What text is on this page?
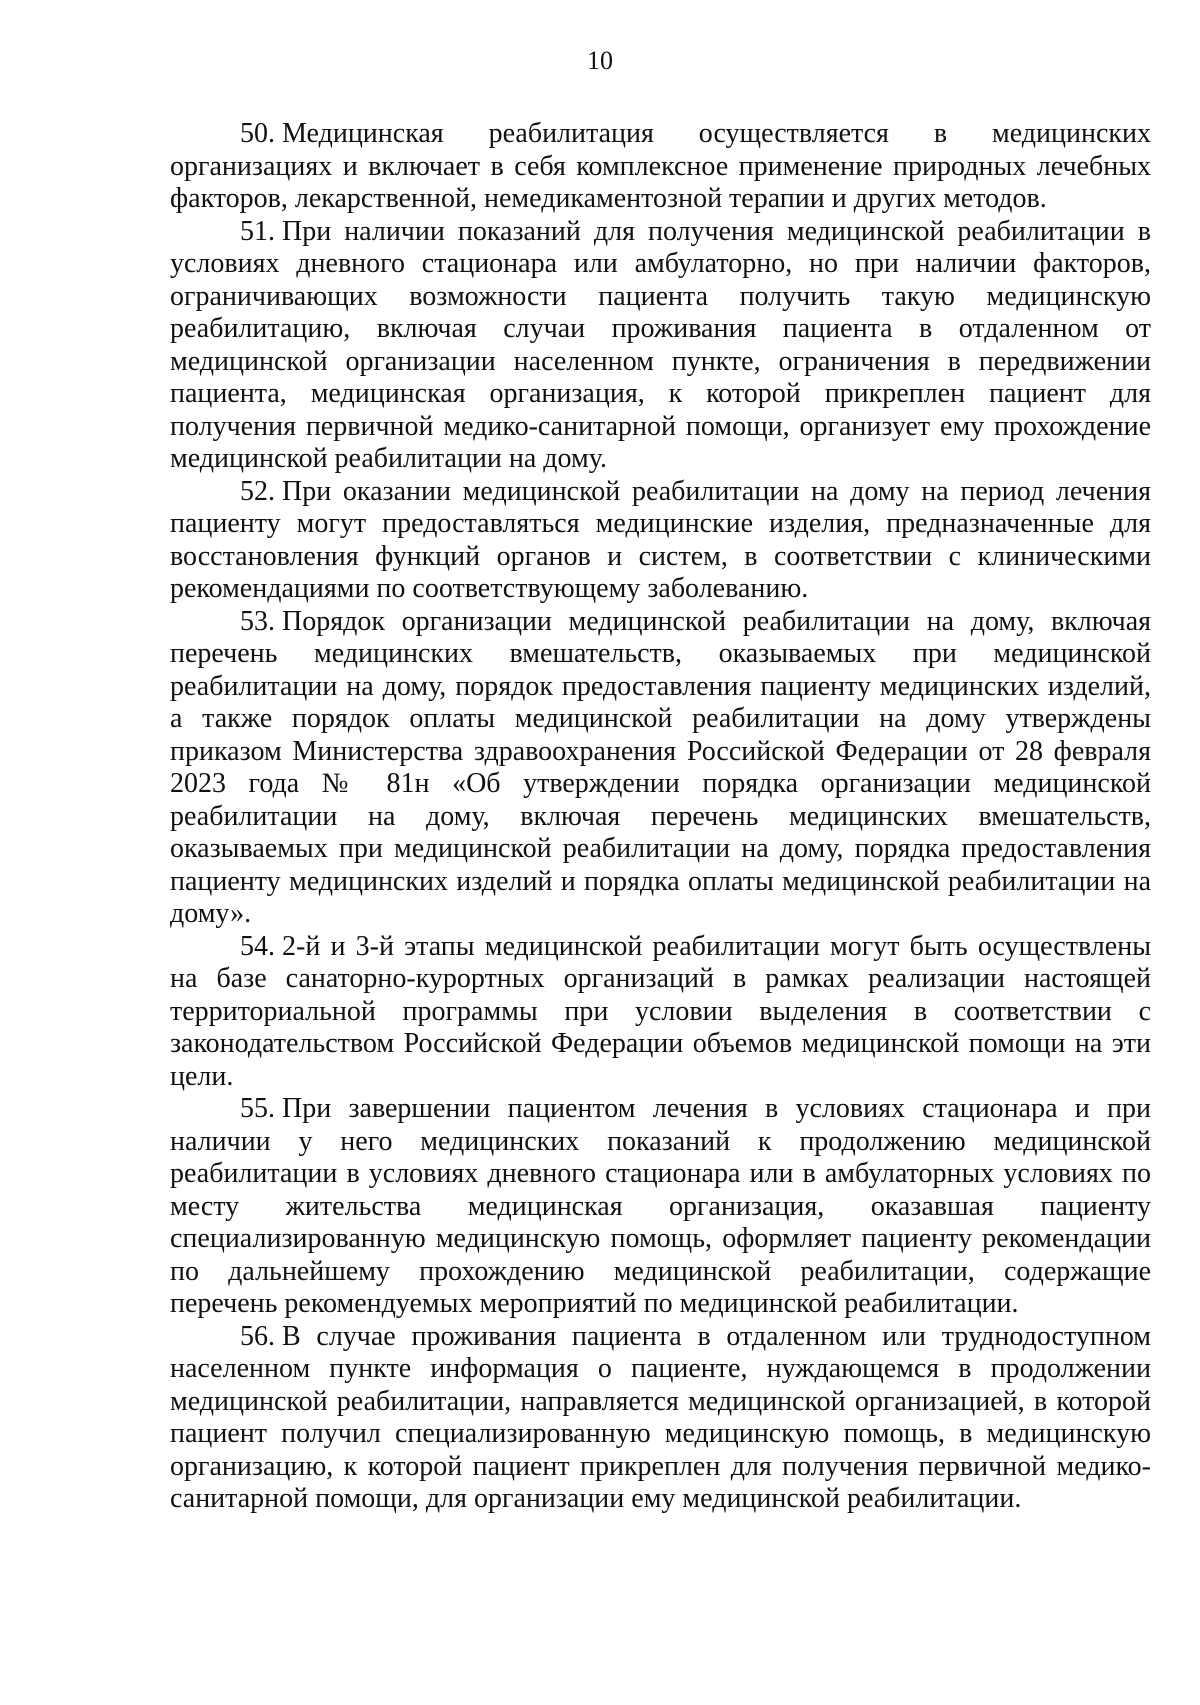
10

50. Медицинская реабилитация осуществляется в медицинских организациях и включает в себя комплексное применение природных лечебных факторов, лекарственной, немедикаментозной терапии и других методов.

51. При наличии показаний для получения медицинской реабилитации в условиях дневного стационара или амбулаторно, но при наличии факторов, ограничивающих возможности пациента получить такую медицинскую реабилитацию, включая случаи проживания пациента в отдаленном от медицинской организации населенном пункте, ограничения в передвижении пациента, медицинская организация, к которой прикреплен пациент для получения первичной медико-санитарной помощи, организует ему прохождение медицинской реабилитации на дому.

52. При оказании медицинской реабилитации на дому на период лечения пациенту могут предоставляться медицинские изделия, предназначенные для восстановления функций органов и систем, в соответствии с клиническими рекомендациями по соответствующему заболеванию.

53. Порядок организации медицинской реабилитации на дому, включая перечень медицинских вмешательств, оказываемых при медицинской реабилитации на дому, порядок предоставления пациенту медицинских изделий, а также порядок оплаты медицинской реабилитации на дому утверждены приказом Министерства здравоохранения Российской Федерации от 28 февраля 2023 года № 81н «Об утверждении порядка организации медицинской реабилитации на дому, включая перечень медицинских вмешательств, оказываемых при медицинской реабилитации на дому, порядка предоставления пациенту медицинских изделий и порядка оплаты медицинской реабилитации на дому».

54. 2-й и 3-й этапы медицинской реабилитации могут быть осуществлены на базе санаторно-курортных организаций в рамках реализации настоящей территориальной программы при условии выделения в соответствии с законодательством Российской Федерации объемов медицинской помощи на эти цели.

55. При завершении пациентом лечения в условиях стационара и при наличии у него медицинских показаний к продолжению медицинской реабилитации в условиях дневного стационара или в амбулаторных условиях по месту жительства медицинская организация, оказавшая пациенту специализированную медицинскую помощь, оформляет пациенту рекомендации по дальнейшему прохождению медицинской реабилитации, содержащие перечень рекомендуемых мероприятий по медицинской реабилитации.

56. В случае проживания пациента в отдаленном или труднодоступном населенном пункте информация о пациенте, нуждающемся в продолжении медицинской реабилитации, направляется медицинской организацией, в которой пациент получил специализированную медицинскую помощь, в медицинскую организацию, к которой пациент прикреплен для получения первичной медико-санитарной помощи, для организации ему медицинской реабилитации.
